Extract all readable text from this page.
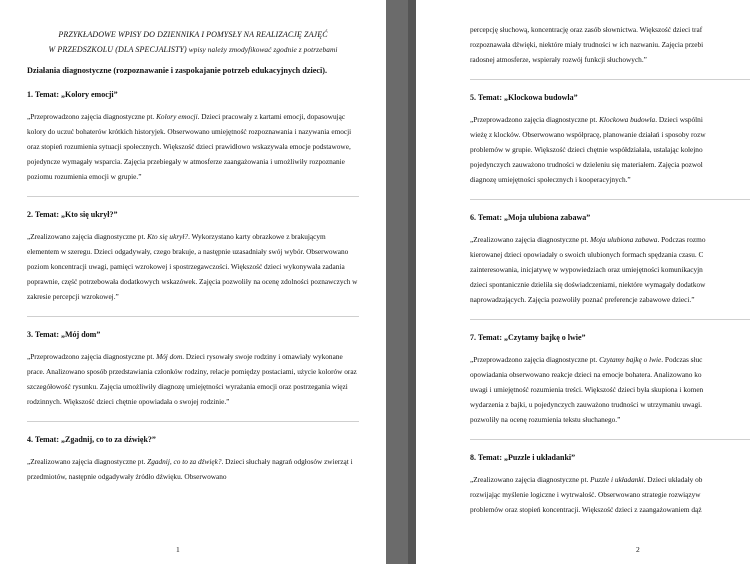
PRZYKŁADOWE WPISY DO DZIENNIKA I POMYSŁY NA REALIZACJĘ ZAJĘĆ
W PRZEDSZKOLU (DLA SPECJALISTY) wpisy należy zmodyfikować zgodnie z potrzebami
Działania diagnostyczne (rozpoznawanie i zaspokajanie potrzeb edukacyjnych dzieci).
1. Temat: „Kolory emocji”

„Przeprowadzono zajęcia diagnostyczne pt. Kolory emocji. Dzieci pracowały z kartami emocji, dopasowując kolory do uczuć bohaterów krótkich historyjek. Obserwowano umiejętność rozpoznawania i nazywania emocji oraz stopień rozumienia sytuacji społecznych. Większość dzieci prawidłowo wskazywała emocje podstawowe, pojedyncze wymagały wsparcia. Zajęcia przebiegały w atmosferze zaangażowania i umożliwiły rozpoznanie poziomu rozumienia emocji w grupie.”

2. Temat: „Kto się ukrył?”

„Zrealizowano zajęcia diagnostyczne pt. Kto się ukrył?. Wykorzystano karty obrazkowe z brakującym elementem w szeregu. Dzieci odgadywały, czego brakuje, a następnie uzasadniały swój wybór. Obserwowano poziom koncentracji uwagi, pamięci wzrokowej i spostrzegawczości. Większość dzieci wykonywała zadania poprawnie, część potrzebowała dodatkowych wskazówek. Zajęcia pozwoliły na ocenę zdolności poznawczych w zakresie percepcji wzrokowej.”

3. Temat: „Mój dom”

„Przeprowadzono zajęcia diagnostyczne pt. Mój dom. Dzieci rysowały swoje rodziny i omawiały wykonane prace. Analizowano sposób przedstawiania członków rodziny, relacje pomiędzy postaciami, użycie kolorów oraz szczegółowość rysunku. Zajęcia umożliwiły diagnozę umiejętności wyrażania emocji oraz postrzegania więzi rodzinnych. Większość dzieci chętnie opowiadała o swojej rodzinie.”

4. Temat: „Zgadnij, co to za dźwięk?”

„Zrealizowano zajęcia diagnostyczne pt. Zgadnij, co to za dźwięk?. Dzieci słuchały nagrań odgłosów zwierząt i przedmiotów, następnie odgadywały źródło dźwięku. Obserwowano

1

percepcję słuchową, koncentrację oraz zasób słownictwa. Większość dzieci traf

rozpoznawała dźwięki, niektóre miały trudności w ich nazwaniu. Zajęcia przebi

radosnej atmosferze, wspierały rozwój funkcji słuchowych.”

5. Temat: „Klockowa budowla”

„Przeprowadzono zajęcia diagnostyczne pt. Klockowa budowla. Dzieci wspólni

wieżę z klocków. Obserwowano współpracę, planowanie działań i sposoby rozw

problemów w grupie. Większość dzieci chętnie współdziałała, ustalając kolejno

pojedynczych zauważono trudności w dzieleniu się materiałem. Zajęcia pozwol

diagnozę umiejętności społecznych i kooperacyjnych.”

6. Temat: „Moja ulubiona zabawa”

„Zrealizowano zajęcia diagnostyczne pt. Moja ulubiona zabawa. Podczas rozmo

kierowanej dzieci opowiadały o swoich ulubionych formach spędzania czasu. C

zainteresowania, inicjatywę w wypowiedziach oraz umiejętności komunikacyjn

dzieci spontanicznie dzieliła się doświadczeniami, niektóre wymagały dodatkow

naprowadzających. Zajęcia pozwoliły poznać preferencje zabawowe dzieci.”

7. Temat: „Czytamy bajkę o lwie”

„Przeprowadzono zajęcia diagnostyczne pt. Czytamy bajkę o lwie. Podczas słuc

opowiadania obserwowano reakcje dzieci na emocje bohatera. Analizowano ko

uwagi i umiejętność rozumienia treści. Większość dzieci była skupiona i komen

wydarzenia z bajki, u pojedynczych zauważono trudności w utrzymaniu uwagi.

pozwoliły na ocenę rozumienia tekstu słuchanego.”

8. Temat: „Puzzle i układanki”

„Zrealizowano zajęcia diagnostyczne pt. Puzzle i układanki. Dzieci układały ob

rozwijając myślenie logiczne i wytrwałość. Obserwowano strategie rozwiązyw

problemów oraz stopień koncentracji. Większość dzieci z zaangażowaniem dąż

2
